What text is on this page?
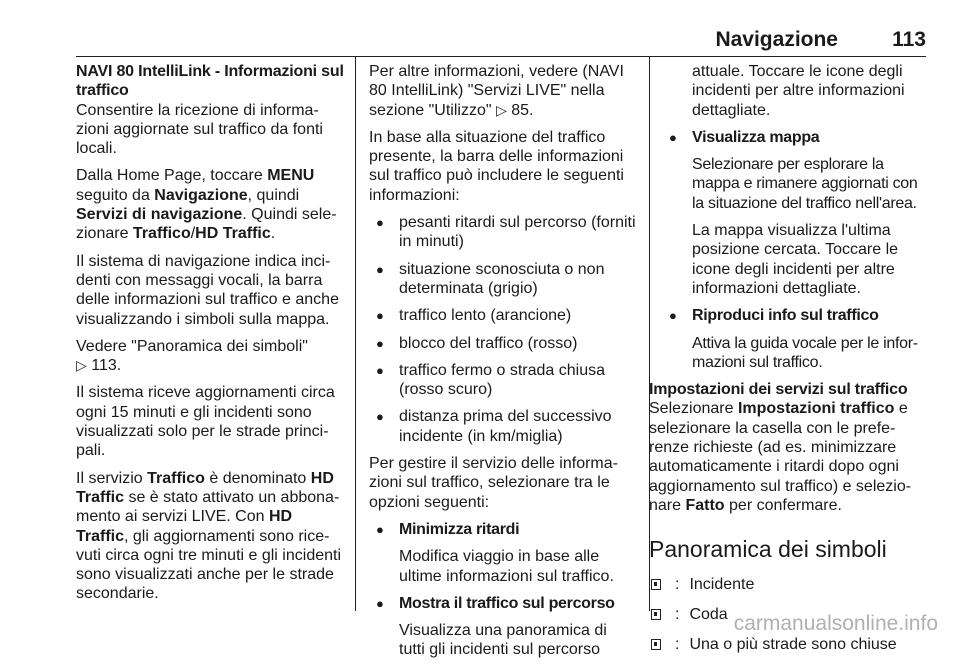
Navigazione	113

NAVI 80 IntelliLink - Informazioni sul traffico

Consentire la ricezione di informa-zioni aggiornate sul traffico da fonti locali.

Dalla Home Page, toccare MENU seguito da Navigazione, quindi Servizi di navigazione. Quindi sele-zionare Traffico/HD Traffic.

Il sistema di navigazione indica inci-denti con messaggi vocali, la barra delle informazioni sul traffico e anche visualizzando i simboli sulla mappa.

Vedere "Panoramica dei simboli"
▷ 113.

Il sistema riceve aggiornamenti circa ogni 15 minuti e gli incidenti sono visualizzati solo per le strade princi-pali.

Il servizio Traffico è denominato HD Traffic se è stato attivato un abbona-mento ai servizi LIVE. Con HD Traffic, gli aggiornamenti sono rice-vuti circa ogni tre minuti e gli incidenti sono visualizzati anche per le strade secondarie.

Per altre informazioni, vedere (NAVI 80 IntelliLink) "Servizi LIVE" nella sezione "Utilizzo" ▷ 85.

In base alla situazione del traffico presente, la barra delle informazioni sul traffico può includere le seguenti informazioni:

● pesanti ritardi sul percorso (forniti in minuti)
● situazione sconosciuta o non determinata (grigio)
● traffico lento (arancione)
● blocco del traffico (rosso)
● traffico fermo o strada chiusa (rosso scuro)
● distanza prima del successivo incidente (in km/miglia)

Per gestire il servizio delle informa-zioni sul traffico, selezionare tra le opzioni seguenti:

● Minimizza ritardi
Modifica viaggio in base alle ultime informazioni sul traffico.
● Mostra il traffico sul percorso
Visualizza una panoramica di tutti gli incidenti sul percorso

attuale. Toccare le icone degli incidenti per altre informazioni dettagliate.

● Visualizza mappa
Selezionare per esplorare la mappa e rimanere aggiornati con la situazione del traffico nell'area.
La mappa visualizza l'ultima posizione cercata. Toccare le icone degli incidenti per altre informazioni dettagliate.
● Riproduci info sul traffico
Attiva la guida vocale per le infor-mazioni sul traffico.

Impostazioni dei servizi sul traffico

Selezionare Impostazioni traffico e selezionare la casella con le prefe-renze richieste (ad es. minimizzare automaticamente i ritardi dopo ogni aggiornamento sul traffico) e selezio-nare Fatto per confermare.

Panoramica dei simboli

: Incidente
: Coda
: Una o più strade sono chiuse
carmanualsonline.info
